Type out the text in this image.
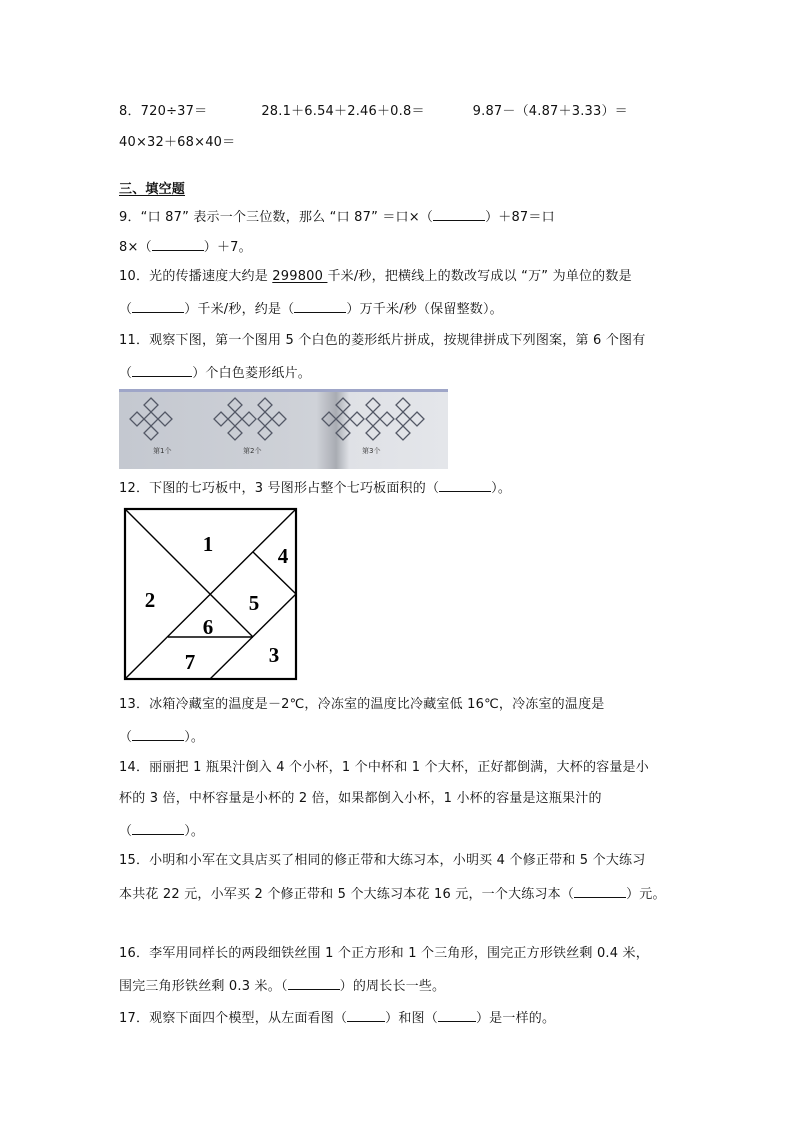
8．720÷37＝	28.1＋6.54＋2.46＋0.8＝	9.87－（4.87＋3.33）＝
40×32＋68×40＝
三、填空题
9．“口 87” 表示一个三位数，那么 “口 87” ＝口×（	）＋87＝口
8×（	）＋7。
10．光的传播速度大约是 299800 千米/秒，把横线上的数改写成以 “万” 为单位的数是
（	）千米/秒，约是（	）万千米/秒（保留整数）。
11．观察下图，第一个图用 5 个白色的菱形纸片拼成，按规律拼成下列图案，第 6 个图有
（	）个白色菱形纸片。
第1个	第2个	第3个
12．下图的七巧板中，3 号图形占整个七巧板面积的（	）。
1
2
3
4
5
6
7
13．冰箱冷藏室的温度是－2℃，冷冻室的温度比冷藏室低 16℃，冷冻室的温度是
（	）。
14．丽丽把 1 瓶果汁倒入 4 个小杯，1 个中杯和 1 个大杯，正好都倒满，大杯的容量是小
杯的 3 倍，中杯容量是小杯的 2 倍，如果都倒入小杯，1 小杯的容量是这瓶果汁的
（	）。
15．小明和小军在文具店买了相同的修正带和大练习本，小明买 4 个修正带和 5 个大练习
本共花 22 元，小军买 2 个修正带和 5 个大练习本花 16 元，一个大练习本（	）元。
16．李军用同样长的两段细铁丝围 1 个正方形和 1 个三角形，围完正方形铁丝剩 0.4 米，
围完三角形铁丝剩 0.3 米。（	）的周长长一些。
17．观察下面四个模型，从左面看图（	）和图（	）是一样的。
